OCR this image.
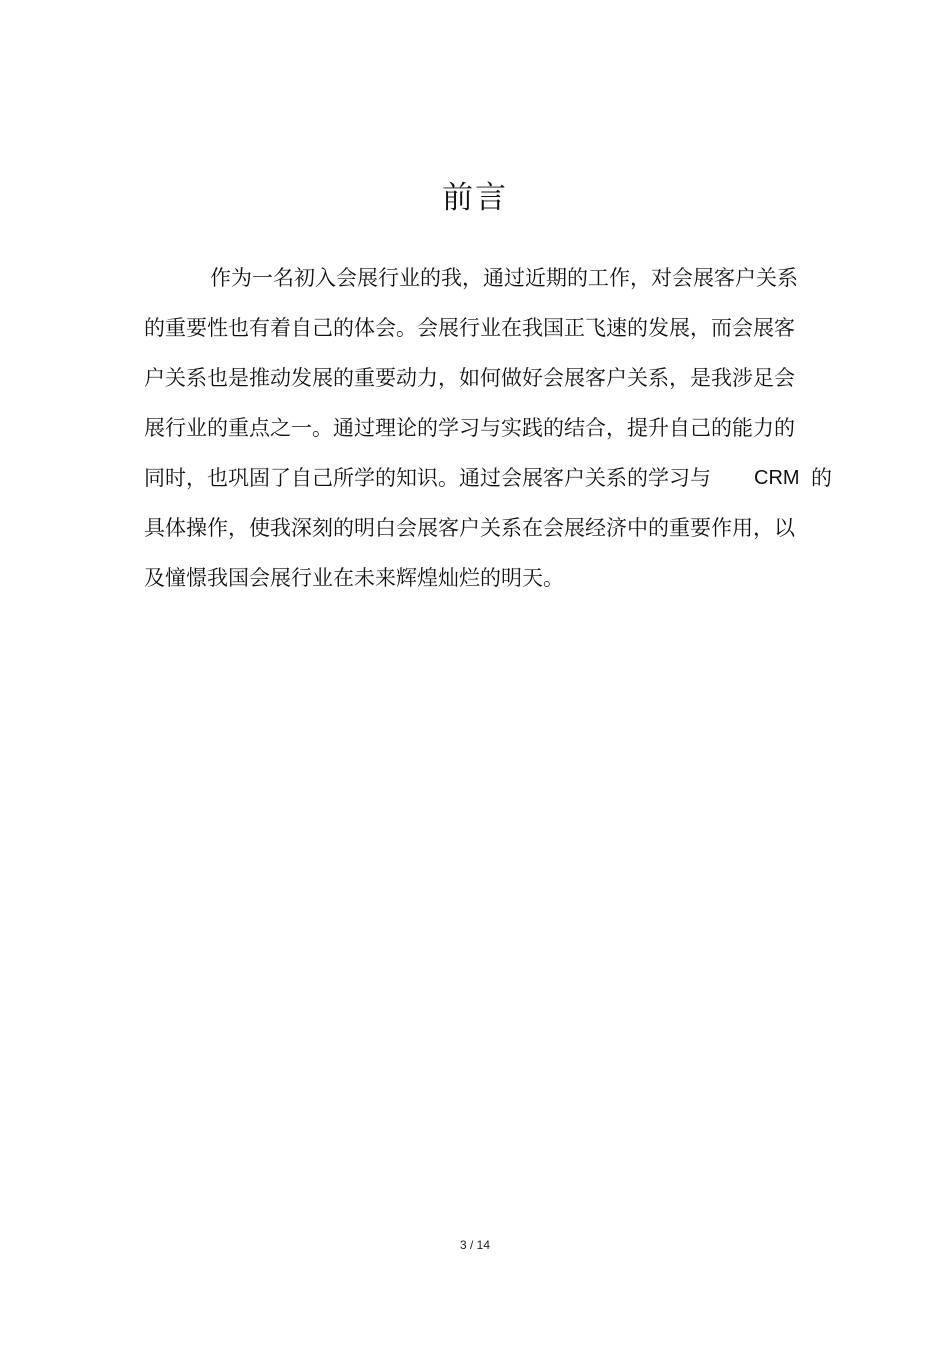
前言

作为一名初入会展行业的我，通过近期的工作，对会展客户关系

的重要性也有着自己的体会。会展行业在我国正飞速的发展，而会展客

户关系也是推动发展的重要动力，如何做好会展客户关系，是我涉足会

展行业的重点之一。通过理论的学习与实践的结合，提升自己的能力的

同时，也巩固了自己所学的知识。通过会展客户关系的学习与 CRM 的

具体操作，使我深刻的明白会展客户关系在会展经济中的重要作用，以

及憧憬我国会展行业在未来辉煌灿烂的明天。

3 / 14
